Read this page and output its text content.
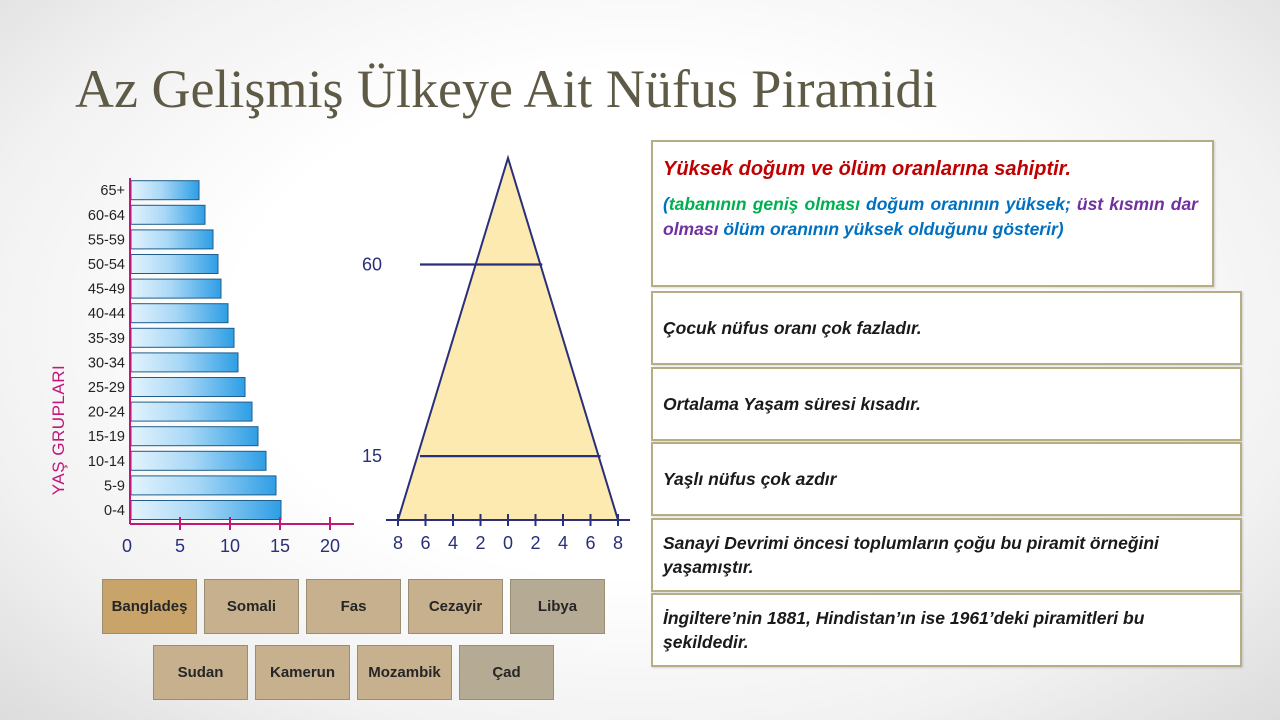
Az Gelişmiş Ülkeye Ait Nüfus Piramidi
YAŞ GRUPLARI
0-4
5-9
10-14
15-19
20-24
25-29
30-34
35-39
40-44
45-49
50-54
55-59
60-64
65+
0 5 10 15 20	8 6 4 2 0 2 4 6 8
15
60
Yüksek doğum ve ölüm oranlarına sahiptir.
(tabanının geniş olması doğum oranının yüksek; üst kısmın dar olması ölüm oranının yüksek olduğunu gösterir)
Çocuk nüfus oranı çok fazladır.
Ortalama Yaşam süresi kısadır.
Yaşlı nüfus çok azdır
Sanayi Devrimi öncesi toplumların çoğu bu piramit örneğini yaşamıştır.
İngiltere’nin 1881, Hindistan’ın ise 1961’deki piramitleri bu şekildedir.
Bangladeş	Somali	Fas	Cezayir	Libya
Sudan	Kamerun	Mozambik	Çad
